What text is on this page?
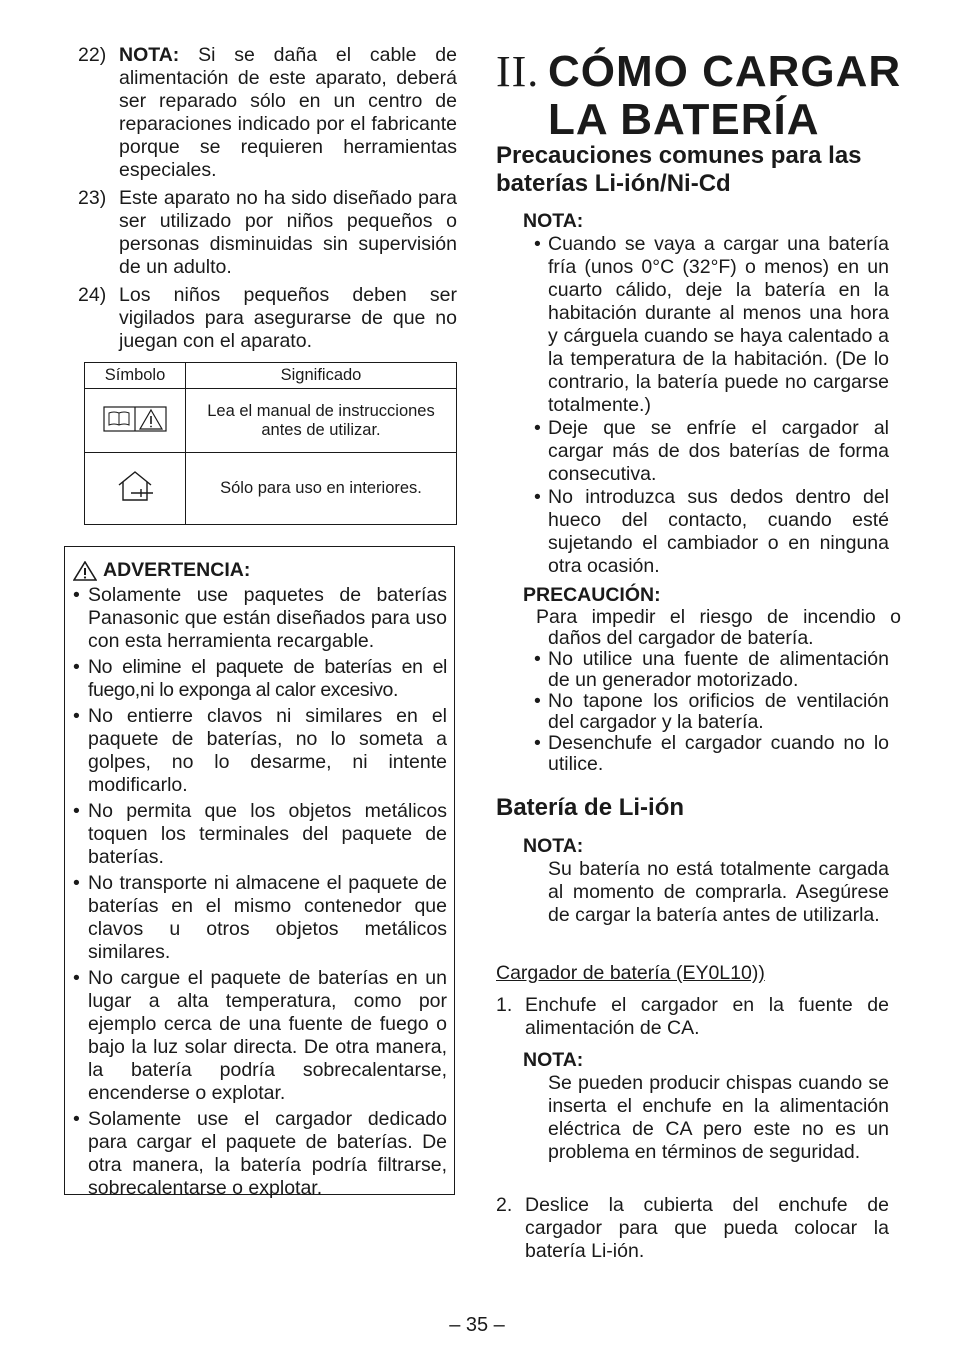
22) NOTA: Si se daña el cable de alimentación de este aparato, deberá ser reparado sólo en un centro de reparaciones indicado por el fabricante porque se requieren herramientas especiales.
23) Este aparato no ha sido diseñado para ser utilizado por niños pequeños o personas disminuidas sin supervisión de un adulto.
24) Los niños pequeños deben ser vigilados para asegurarse de que no juegan con el aparato.
Símbolo	Significado

	Lea el manual de instrucciones antes de utilizar.

	Sólo para uso en interiores.
ADVERTENCIA:
• Solamente use paquetes de baterías Panasonic que están diseñados para uso con esta herramienta recargable.
• No elimine el paquete de baterías en el fuego,ni lo exponga al calor excesivo.
• No entierre clavos ni similares en el paquete de baterías, no lo someta a golpes, no lo desarme, ni intente modificarlo.
• No permita que los objetos metálicos toquen los terminales del paquete de baterías.
• No transporte ni almacene el paquete de baterías en el mismo contenedor que clavos u otros objetos metálicos similares.
• No cargue el paquete de baterías en un lugar a alta temperatura, como por ejemplo cerca de una fuente de fuego o bajo la luz solar directa. De otra manera, la batería podría sobrecalentarse, encenderse o explotar.
• Solamente use el cargador dedicado para cargar el paquete de baterías. De otra manera, la batería podría filtrarse, sobrecalentarse o explotar.
II. CÓMO CARGAR
LA BATERÍA
Precauciones comunes para las baterías Li-ión/Ni-Cd
NOTA:
• Cuando se vaya a cargar una batería fría (unos 0°C (32°F) o menos) en un cuarto cálido, deje la batería en la habitación durante al menos una hora y cárguela cuando se haya calentado a la temperatura de la habitación. (De lo contrario, la batería puede no cargarse totalmente.)
• Deje que se enfríe el cargador al cargar más de dos baterías de forma consecutiva.
• No introduzca sus dedos dentro del hueco del contacto, cuando esté sujetando el cambiador o en ninguna otra ocasión.
PRECAUCIÓN:
Para impedir el riesgo de incendio o daños del cargador de batería.
• No utilice una fuente de alimentación de un generador motorizado.
• No tapone los orificios de ventilación del cargador y la batería.
• Desenchufe el cargador cuando no lo utilice.
Batería de Li-ión
NOTA:
Su batería no está totalmente cargada al momento de comprarla. Asegúrese de cargar la batería antes de utilizarla.
Cargador de batería (EY0L10))
1. Enchufe el cargador en la fuente de alimentación de CA.
NOTA:
Se pueden producir chispas cuando se inserta el enchufe en la alimentación eléctrica de CA pero este no es un problema en términos de seguridad.
2. Deslice la cubierta del enchufe de cargador para que pueda colocar la batería Li-ión.
– 35 –
